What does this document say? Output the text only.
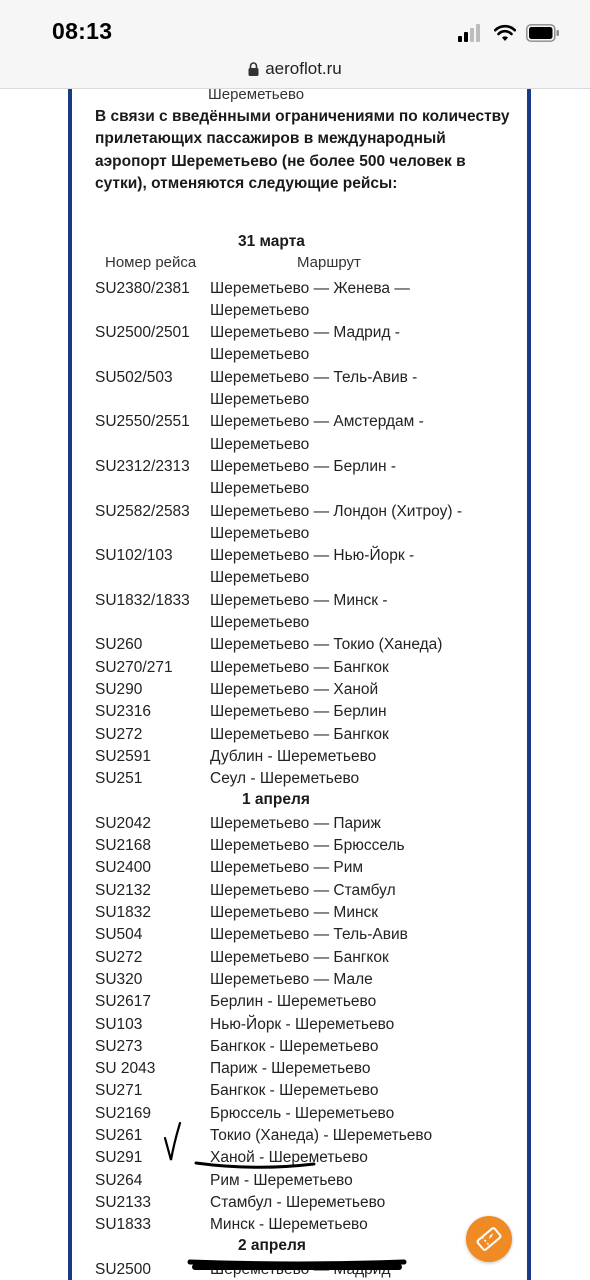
08:13
aeroflot.ru
Шереметьево
В связи с введёнными ограничениями по количеству прилетающих пассажиров в международный аэропорт Шереметьево (не более 500 человек в сутки), отменяются следующие рейсы:
Номер рейса	Маршрут
31 марта
SU2380/2381 Шереметьево — Женева — Шереметьево
SU2500/2501 Шереметьево — Мадрид - Шереметьево
SU502/503 Шереметьево — Тель-Авив - Шереметьево
SU2550/2551 Шереметьево — Амстердам - Шереметьево
SU2312/2313 Шереметьево — Берлин - Шереметьево
SU2582/2583 Шереметьево — Лондон (Хитроу) - Шереметьево
SU102/103 Шереметьево — Нью-Йорк - Шереметьево
SU1832/1833 Шереметьево — Минск - Шереметьево
SU260	Шереметьево — Токио (Ханеда)
SU270/271 Шереметьево — Бангкок
SU290	Шереметьево — Ханой
SU2316	Шереметьево — Берлин
SU272	Шереметьево — Бангкок
SU2591	Дублин - Шереметьево
SU251	Сеул - Шереметьево
1 апреля
SU2042	Шереметьево — Париж
SU2168	Шереметьево — Брюссель
SU2400	Шереметьево — Рим
SU2132	Шереметьево — Стамбул
SU1832	Шереметьево — Минск
SU504	Шереметьево — Тель-Авив
SU272	Шереметьево — Бангкок
SU320	Шереметьево — Мале
SU2617	Берлин - Шереметьево
SU103	Нью-Йорк - Шереметьево
SU273	Бангкок - Шереметьево
SU 2043	Париж - Шереметьево
SU271	Бангкок - Шереметьево
SU2169	Брюссель - Шереметьево
SU261	Токио (Ханеда) - Шереметьево
SU291	Ханой - Шереметьево
SU264	Рим - Шереметьево
SU2133	Стамбул - Шереметьево
SU1833	Минск - Шереметьево
2 апреля
SU2500
